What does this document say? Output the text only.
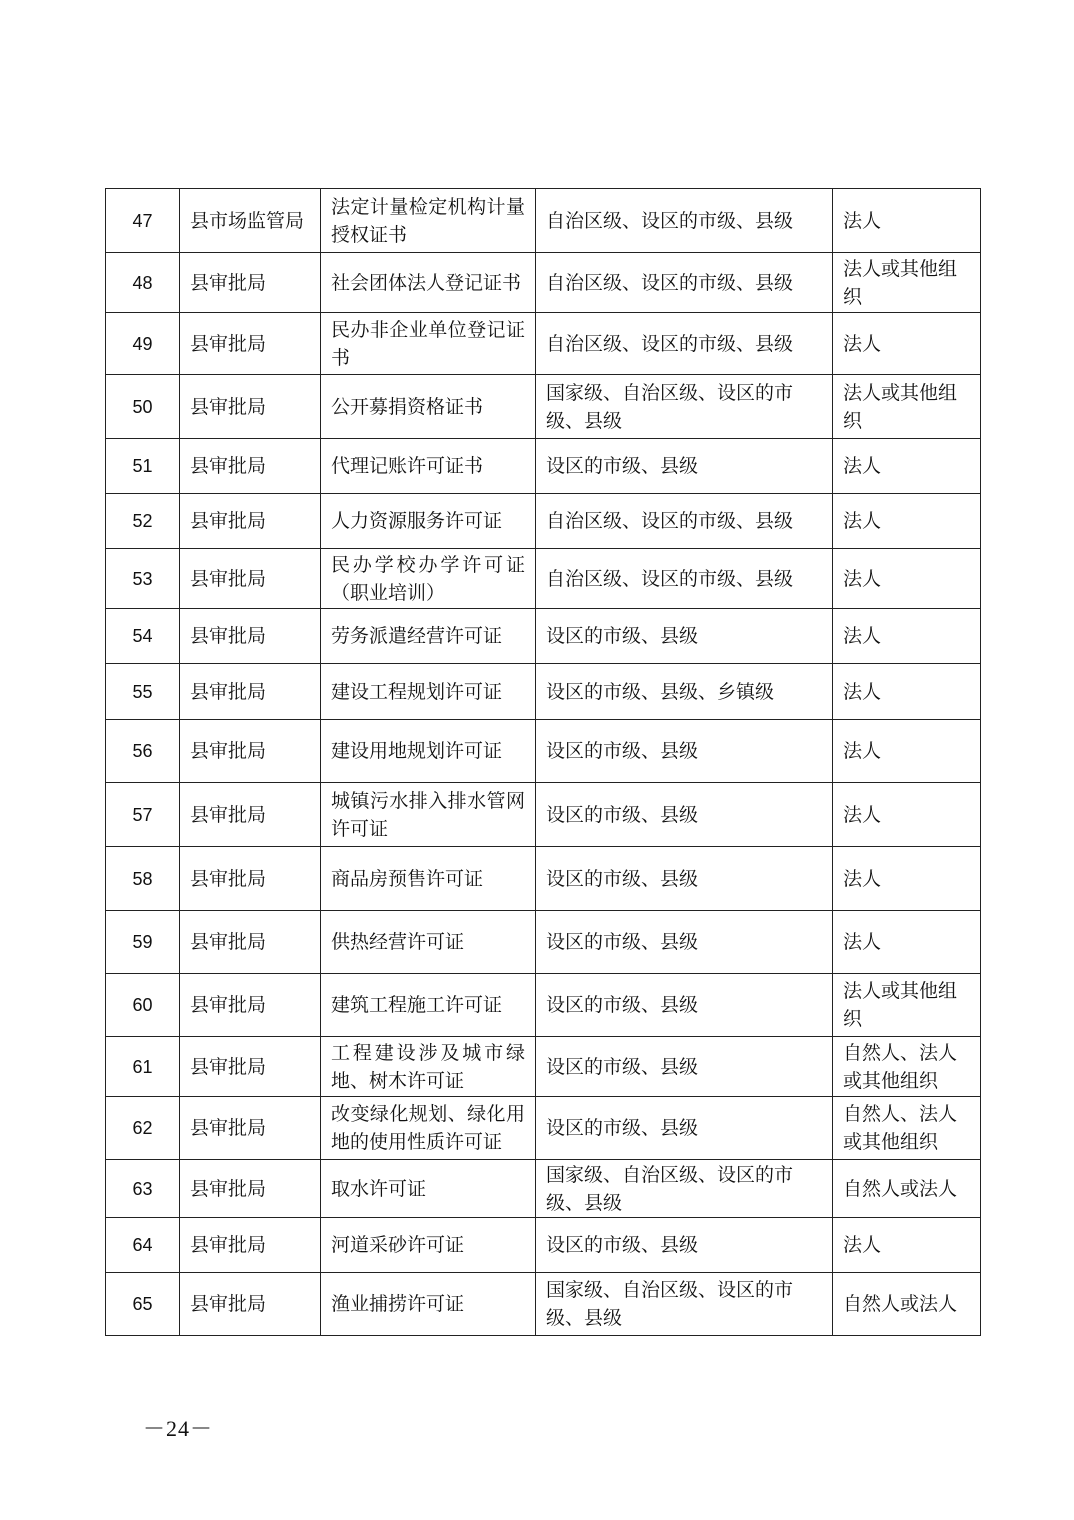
47	县市场监管局	法定计量检定机构计量授权证书	自治区级、设区的市级、县级	法人
48	县审批局	社会团体法人登记证书	自治区级、设区的市级、县级	法人或其他组织
49	县审批局	民办非企业单位登记证书	自治区级、设区的市级、县级	法人
50	县审批局	公开募捐资格证书	国家级、自治区级、设区的市级、县级	法人或其他组织
51	县审批局	代理记账许可证书	设区的市级、县级	法人
52	县审批局	人力资源服务许可证	自治区级、设区的市级、县级	法人
53	县审批局	民办学校办学许可证（职业培训）	自治区级、设区的市级、县级	法人
54	县审批局	劳务派遣经营许可证	设区的市级、县级	法人
55	县审批局	建设工程规划许可证	设区的市级、县级、乡镇级	法人
56	县审批局	建设用地规划许可证	设区的市级、县级	法人
57	县审批局	城镇污水排入排水管网许可证	设区的市级、县级	法人
58	县审批局	商品房预售许可证	设区的市级、县级	法人
59	县审批局	供热经营许可证	设区的市级、县级	法人
60	县审批局	建筑工程施工许可证	设区的市级、县级	法人或其他组织
61	县审批局	工程建设涉及城市绿地、树木许可证	设区的市级、县级	自然人、法人或其他组织
62	县审批局	改变绿化规划、绿化用地的使用性质许可证	设区的市级、县级	自然人、法人或其他组织
63	县审批局	取水许可证	国家级、自治区级、设区的市级、县级	自然人或法人
64	县审批局	河道采砂许可证	设区的市级、县级	法人
65	县审批局	渔业捕捞许可证	国家级、自治区级、设区的市级、县级	自然人或法人
－24－
